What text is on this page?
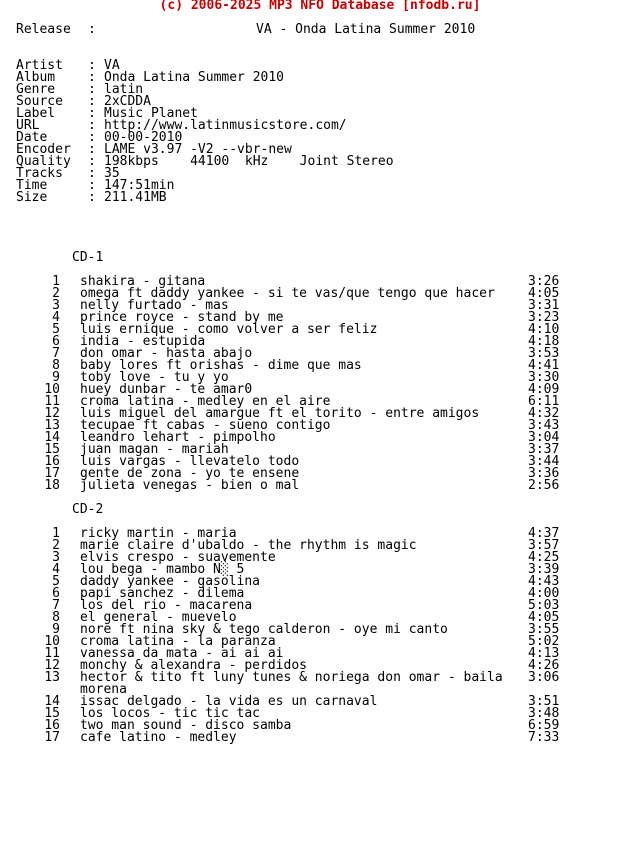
(c) 2006-2025 MP3 NFO Database [nfodb.ru]
Release :	VA - Onda Latina Summer 2010
Artist : VA
Album	: Onda Latina Summer 2010
Genre	: latin
Source : 2xCDDA
Label	: Music Planet
URL	: http://www.latinmusicstore.com/
Date	: 00-00-2010
Encoder : LAME v3.97 -V2 --vbr-new
Quality : 198kbps    44100  kHz    Joint Stereo
Tracks : 35
Time	: 147:51min
Size	: 211.41MB
CD-1
1 shakira - gitana	3:26
2 omega ft daddy yankee - si te vas/que tengo que hacer	4:05
3 nelly furtado - mas	3:31
4 prince royce - stand by me	3:23
5 luis ernique - como volver a ser feliz	4:10
6 india - estupida	4:18
7 don omar - hasta abajo	3:53
8 baby lores ft orishas - dime que mas	4:41
9 toby love - tu y yo	3:30
10 huey dunbar - te amar0	4:09
11 croma latina - medley en el aire	6:11
12 luis miguel del amargue ft el torito - entre amigos	4:32
13 tecupae ft cabas - sueno contigo	3:43
14 leandro lehart - pimpolho	3:04
15 juan magan - mariah	3:37
16 luis vargas - llevatelo todo	3:44
17 gente de zona - yo te ensene	3:36
18 julieta venegas - bien o mal	2:56
CD-2
1 ricky martin - maria	4:37
2 marie claire d'ubaldo - the rhythm is magic	3:57
3 elvis crespo - suavemente	4:25
4 lou bega - mambo N░ 5	3:39
5 daddy yankee - gasolina	4:43
6 papi sanchez - dilema	4:00
7 los del rio - macarena	5:03
8 el general - muevelo	4:05
9 nore ft nina sky & tego calderon - oye mi canto	3:55
10 croma latina - la paranza	5:02
11 vanessa da mata - ai ai ai	4:13
12 monchy & alexandra - perdidos	4:26
13 hector & tito ft luny tunes & noriega don omar - baila 3:06
morena
14 issac delgado - la vida es un carnaval	3:51
15 los locos - tic tic tac	3:48
16 two man sound - disco samba	6:59
17 cafe latino - medley	7:33
